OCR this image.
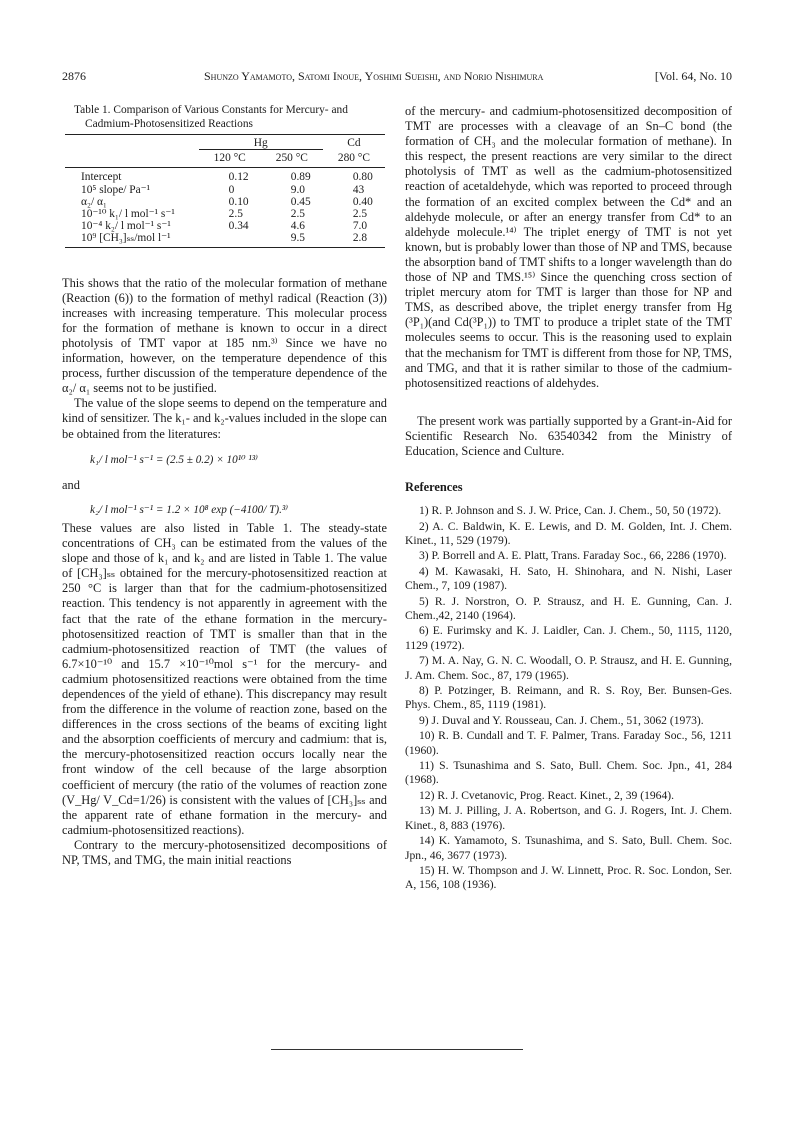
2876	Shunzo Yamamoto, Satomi Inoue, Yoshimi Sueishi, and Norio Nishimura	[Vol. 64, No. 10
Table 1. Comparison of Various Constants for Mercury- and Cadmium-Photosensitized Reactions
	Hg		Cd
	120 °C	250 °C	280 °C
Intercept	0.12	0.89	0.80
10⁵ slope/ Pa⁻¹	0	9.0	43
α₂/ α₁	0.10	0.45	0.40
10⁻¹⁰ k₁/ l mol⁻¹ s⁻¹	2.5	2.5	2.5
10⁻⁴ k₂/ l mol⁻¹ s⁻¹	0.34	4.6	7.0
10⁹ [CH₃]ₛₛ/mol l⁻¹		9.5	2.8

This shows that the ratio of the molecular formation of methane (Reaction (6)) to the formation of methyl radical (Reaction (3)) increases with increasing temperature. This molecular process for the formation of methane is known to occur in a direct photolysis of TMT vapor at 185 nm.³⁾ Since we have no information, however, on the temperature dependence of this process, further discussion of the temperature dependence of the α₂/ α₁ seems not to be justified.

The value of the slope seems to depend on the temperature and kind of sensitizer. The k₁- and k₂-values included in the slope can be obtained from the literatures:

k₁/ l mol⁻¹ s⁻¹ = (2.5 ± 0.2) × 10¹⁰ ¹³⁾

and

k₂/ l mol⁻¹ s⁻¹ = 1.2 × 10⁸ exp (−4100/ T).³⁾

These values are also listed in Table 1. The steady-state concentrations of CH₃ can be estimated from the values of the slope and those of k₁ and k₂ and are listed in Table 1. The value of [CH₃]ₛₛ obtained for the mercury-photosensitized reaction at 250 °C is larger than that for the cadmium-photosensitized reaction. This tendency is not apparently in agreement with the fact that the rate of the ethane formation in the mercury-photosensitized reaction of TMT is smaller than that in the cadmium-photosensitized reaction of TMT (the values of 6.7×10⁻¹⁰ and 15.7 ×10⁻¹⁰mol s⁻¹ for the mercury- and cadmium photosensitized reactions were obtained from the time dependences of the yield of ethane). This discrepancy may result from the difference in the volume of reaction zone, based on the differences in the cross sections of the beams of exciting light and the absorption coefficients of mercury and cadmium: that is, the mercury-photosensitized reaction occurs locally near the front window of the cell because of the large absorption coefficient of mercury (the ratio of the volumes of reaction zone (V_Hg/ V_Cd=1/26) is consistent with the values of [CH₃]ₛₛ and the apparent rate of ethane formation in the mercury- and cadmium-photosensitized reactions).

Contrary to the mercury-photosensitized decompositions of NP, TMS, and TMG, the main initial reactions

of the mercury- and cadmium-photosensitized decomposition of TMT are processes with a cleavage of an Sn–C bond (the formation of CH₃ and the molecular formation of methane). In this respect, the present reactions are very similar to the direct photolysis of TMT as well as the cadmium-photosensitized reaction of acetaldehyde, which was reported to proceed through the formation of an excited complex between the Cd* and an aldehyde molecule, or after an energy transfer from Cd* to an aldehyde molecule.¹⁴⁾ The triplet energy of TMT is not yet known, but is probably lower than those of NP and TMS, because the absorption band of TMT shifts to a longer wavelength than do those of NP and TMS.¹⁵⁾ Since the quenching cross section of triplet mercury atom for TMT is larger than those for NP and TMS, as described above, the triplet energy transfer from Hg (³P₁)(and Cd(³P₁)) to TMT to produce a triplet state of the TMT molecules seems to occur. This is the reasoning used to explain that the mechanism for TMT is different from those for NP, TMS, and TMG, and that it is rather similar to those of the cadmium-photosensitized reactions of aldehydes.

The present work was partially supported by a Grant-in-Aid for Scientific Research No. 63540342 from the Ministry of Education, Science and Culture.

References

1) R. P. Johnson and S. J. W. Price, Can. J. Chem., 50, 50 (1972).

2) A. C. Baldwin, K. E. Lewis, and D. M. Golden, Int. J. Chem. Kinet., 11, 529 (1979).

3) P. Borrell and A. E. Platt, Trans. Faraday Soc., 66, 2286 (1970).

4) M. Kawasaki, H. Sato, H. Shinohara, and N. Nishi, Laser Chem., 7, 109 (1987).

5) R. J. Norstron, O. P. Strausz, and H. E. Gunning, Can. J. Chem.,42, 2140 (1964).

6) E. Furimsky and K. J. Laidler, Can. J. Chem., 50, 1115, 1120, 1129 (1972).

7) M. A. Nay, G. N. C. Woodall, O. P. Strausz, and H. E. Gunning, J. Am. Chem. Soc., 87, 179 (1965).

8) P. Potzinger, B. Reimann, and R. S. Roy, Ber. Bunsen-Ges. Phys. Chem., 85, 1119 (1981).

9) J. Duval and Y. Rousseau, Can. J. Chem., 51, 3062 (1973).

10) R. B. Cundall and T. F. Palmer, Trans. Faraday Soc., 56, 1211 (1960).

11) S. Tsunashima and S. Sato, Bull. Chem. Soc. Jpn., 41, 284 (1968).

12) R. J. Cvetanovic, Prog. React. Kinet., 2, 39 (1964).

13) M. J. Pilling, J. A. Robertson, and G. J. Rogers, Int. J. Chem. Kinet., 8, 883 (1976).

14) K. Yamamoto, S. Tsunashima, and S. Sato, Bull. Chem. Soc. Jpn., 46, 3677 (1973).

15) H. W. Thompson and J. W. Linnett, Proc. R. Soc. London, Ser. A, 156, 108 (1936).
